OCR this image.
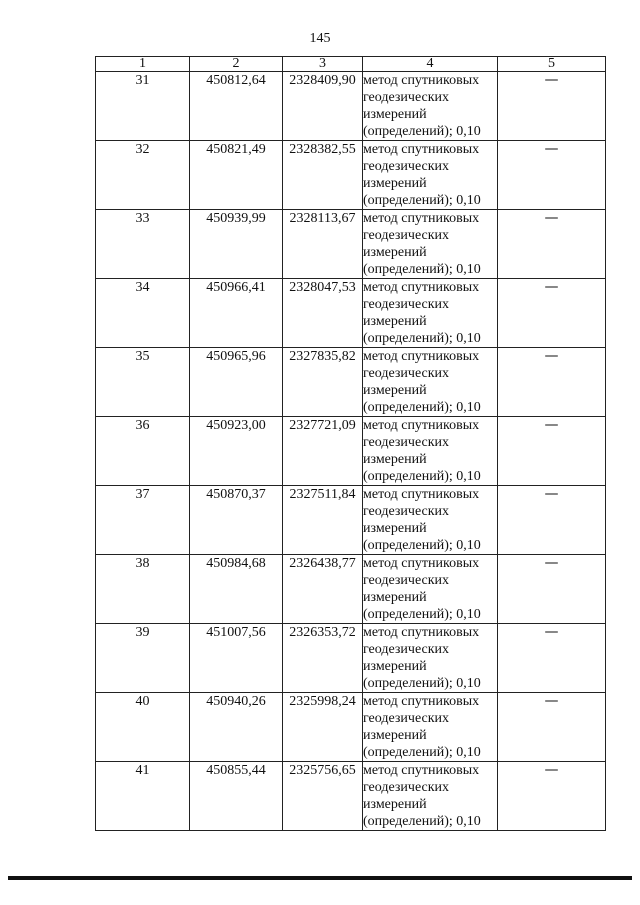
145
1	2	3	4	5
31	450812,64	2328409,90	метод спутниковых
геодезических
измерений
(определений); 0,10	—
32	450821,49	2328382,55	метод спутниковых
геодезических
измерений
(определений); 0,10	—
33	450939,99	2328113,67	метод спутниковых
геодезических
измерений
(определений); 0,10	—
34	450966,41	2328047,53	метод спутниковых
геодезических
измерений
(определений); 0,10	—
35	450965,96	2327835,82	метод спутниковых
геодезических
измерений
(определений); 0,10	—
36	450923,00	2327721,09	метод спутниковых
геодезических
измерений
(определений); 0,10	—
37	450870,37	2327511,84	метод спутниковых
геодезических
измерений
(определений); 0,10	—
38	450984,68	2326438,77	метод спутниковых
геодезических
измерений
(определений); 0,10	—
39	451007,56	2326353,72	метод спутниковых
геодезических
измерений
(определений); 0,10	—
40	450940,26	2325998,24	метод спутниковых
геодезических
измерений
(определений); 0,10	—
41	450855,44	2325756,65	метод спутниковых
геодезических
измерений
(определений); 0,10	—
